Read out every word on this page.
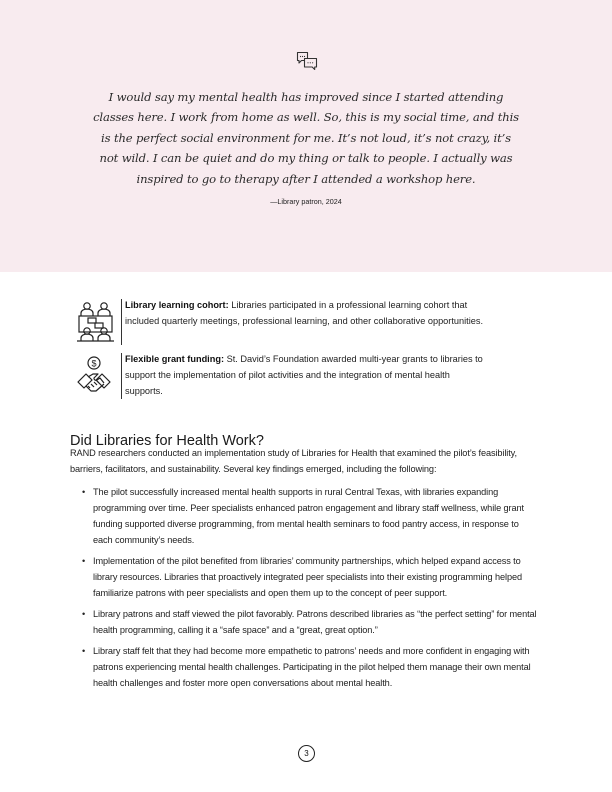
I would say my mental health has improved since I started attending classes here. I work from home as well. So, this is my social time, and this is the perfect social environment for me. It’s not loud, it’s not crazy, it’s not wild. I can be quiet and do my thing or talk to people. I actually was inspired to go to therapy after I attended a workshop here.
—Library patron, 2024
Library learning cohort: Libraries participated in a professional learning cohort that included quarterly meetings, professional learning, and other collaborative opportunities.
$	Flexible grant funding: St. David’s Foundation awarded multi-year grants to libraries to support the implementation of pilot activities and the integration of mental health supports.
Did Libraries for Health Work?

RAND researchers conducted an implementation study of Libraries for Health that examined the pilot’s feasibility, barriers, facilitators, and sustainability. Several key findings emerged, including the following:

• The pilot successfully increased mental health supports in rural Central Texas, with libraries expanding programming over time. Peer specialists enhanced patron engagement and library staff wellness, while grant funding supported diverse programming, from mental health seminars to food pantry access, in response to each community’s needs.
• Implementation of the pilot benefited from libraries’ community partnerships, which helped expand access to library resources. Libraries that proactively integrated peer specialists into their existing programming helped familiarize patrons with peer specialists and open them up to the concept of peer support.
• Library patrons and staff viewed the pilot favorably. Patrons described libraries as “the perfect setting” for mental health programming, calling it a “safe space” and a “great, great option.”
• Library staff felt that they had become more empathetic to patrons’ needs and more confident in engaging with patrons experiencing mental health challenges. Participating in the pilot helped them manage their own mental health challenges and foster more open conversations about mental health.
3
